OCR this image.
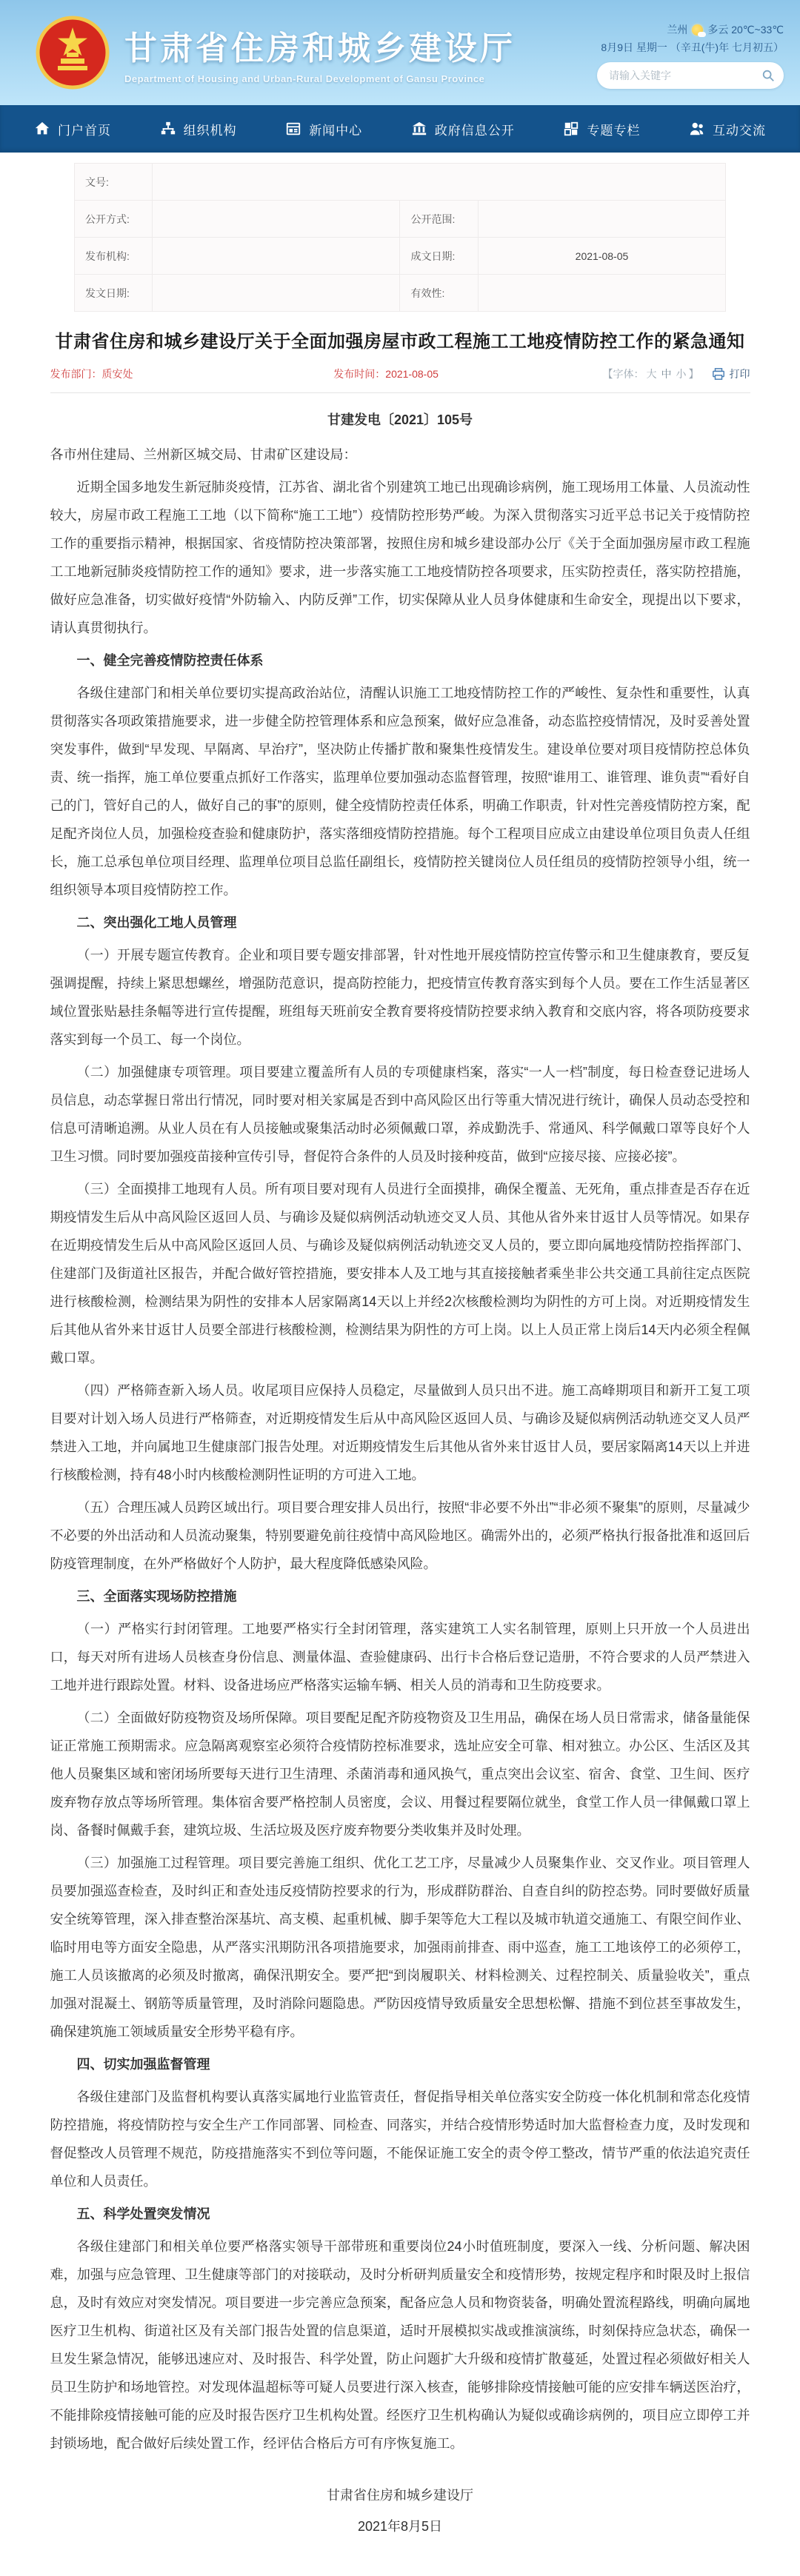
甘肃省住房和城乡建设厅
Department of Housing and Urban-Rural Development of Gansu Province
兰州 多云 20℃~33℃
8月9日 星期一 （辛丑(牛)年 七月初五）
请输入关键字
门户首页	组织机构	新闻中心	政府信息公开	专题专栏	互动交流
文号:			
公开方式:		公开范围:	
发布机构:		成文日期:	2021-08-05
发文日期:		有效性:	
甘肃省住房和城乡建设厅关于全面加强房屋市政工程施工工地疫情防控工作的紧急通知
发布部门：质安处	发布时间：2021-08-05	【字体： 大 中 小 】	打印
甘建发电〔2021〕105号

各市州住建局、兰州新区城交局、甘肃矿区建设局：

近期全国多地发生新冠肺炎疫情，江苏省、湖北省个别建筑工地已出现确诊病例，施工现场用工体量、人员流动性较大，房屋市政工程施工工地（以下简称“施工工地”）疫情防控形势严峻。为深入贯彻落实习近平总书记关于疫情防控工作的重要指示精神，根据国家、省疫情防控决策部署，按照住房和城乡建设部办公厅《关于全面加强房屋市政工程施工工地新冠肺炎疫情防控工作的通知》要求，进一步落实施工工地疫情防控各项要求，压实防控责任，落实防控措施，做好应急准备，切实做好疫情“外防输入、内防反弹”工作，切实保障从业人员身体健康和生命安全，现提出以下要求，请认真贯彻执行。

一、健全完善疫情防控责任体系

各级住建部门和相关单位要切实提高政治站位，清醒认识施工工地疫情防控工作的严峻性、复杂性和重要性，认真贯彻落实各项政策措施要求，进一步健全防控管理体系和应急预案，做好应急准备，动态监控疫情情况，及时妥善处置突发事件，做到“早发现、早隔离、早治疗”，坚决防止传播扩散和聚集性疫情发生。建设单位要对项目疫情防控总体负责、统一指挥，施工单位要重点抓好工作落实，监理单位要加强动态监督管理，按照“谁用工、谁管理、谁负责”“看好自己的门，管好自己的人，做好自己的事”的原则，健全疫情防控责任体系，明确工作职责，针对性完善疫情防控方案，配足配齐岗位人员，加强检疫查验和健康防护，落实落细疫情防控措施。每个工程项目应成立由建设单位项目负责人任组长，施工总承包单位项目经理、监理单位项目总监任副组长，疫情防控关键岗位人员任组员的疫情防控领导小组，统一组织领导本项目疫情防控工作。

二、突出强化工地人员管理

（一）开展专题宣传教育。企业和项目要专题安排部署，针对性地开展疫情防控宣传警示和卫生健康教育，要反复强调提醒，持续上紧思想螺丝，增强防范意识，提高防控能力，把疫情宣传教育落实到每个人员。要在工作生活显著区域位置张贴悬挂条幅等进行宣传提醒，班组每天班前安全教育要将疫情防控要求纳入教育和交底内容，将各项防疫要求落实到每一个员工、每一个岗位。

（二）加强健康专项管理。项目要建立覆盖所有人员的专项健康档案，落实“一人一档”制度，每日检查登记进场人员信息，动态掌握日常出行情况，同时要对相关家属是否到中高风险区出行等重大情况进行统计，确保人员动态受控和信息可清晰追溯。从业人员在有人员接触或聚集活动时必须佩戴口罩，养成勤洗手、常通风、科学佩戴口罩等良好个人卫生习惯。同时要加强疫苗接种宣传引导，督促符合条件的人员及时接种疫苗，做到“应接尽接、应接必接”。

（三）全面摸排工地现有人员。所有项目要对现有人员进行全面摸排，确保全覆盖、无死角，重点排查是否存在近期疫情发生后从中高风险区返回人员、与确诊及疑似病例活动轨迹交叉人员、其他从省外来甘返甘人员等情况。如果存在近期疫情发生后从中高风险区返回人员、与确诊及疑似病例活动轨迹交叉人员的，要立即向属地疫情防控指挥部门、住建部门及街道社区报告，并配合做好管控措施，要安排本人及工地与其直接接触者乘坐非公共交通工具前往定点医院进行核酸检测，检测结果为阴性的安排本人居家隔离14天以上并经2次核酸检测均为阴性的方可上岗。对近期疫情发生后其他从省外来甘返甘人员要全部进行核酸检测，检测结果为阴性的方可上岗。以上人员正常上岗后14天内必须全程佩戴口罩。

（四）严格筛查新入场人员。收尾项目应保持人员稳定，尽量做到人员只出不进。施工高峰期项目和新开工复工项目要对计划入场人员进行严格筛查，对近期疫情发生后从中高风险区返回人员、与确诊及疑似病例活动轨迹交叉人员严禁进入工地，并向属地卫生健康部门报告处理。对近期疫情发生后其他从省外来甘返甘人员，要居家隔离14天以上并进行核酸检测，持有48小时内核酸检测阴性证明的方可进入工地。

（五）合理压减人员跨区域出行。项目要合理安排人员出行，按照“非必要不外出”“非必须不聚集”的原则，尽量减少不必要的外出活动和人员流动聚集，特别要避免前往疫情中高风险地区。确需外出的，必须严格执行报备批准和返回后防疫管理制度，在外严格做好个人防护，最大程度降低感染风险。

三、全面落实现场防控措施

（一）严格实行封闭管理。工地要严格实行全封闭管理，落实建筑工人实名制管理，原则上只开放一个人员进出口，每天对所有进场人员核查身份信息、测量体温、查验健康码、出行卡合格后登记造册，不符合要求的人员严禁进入工地并进行跟踪处置。材料、设备进场应严格落实运输车辆、相关人员的消毒和卫生防疫要求。

（二）全面做好防疫物资及场所保障。项目要配足配齐防疫物资及卫生用品，确保在场人员日常需求，储备量能保证正常施工预期需求。应急隔离观察室必须符合疫情防控标准要求，选址应安全可靠、相对独立。办公区、生活区及其他人员聚集区域和密闭场所要每天进行卫生清理、杀菌消毒和通风换气，重点突出会议室、宿舍、食堂、卫生间、医疗废弃物存放点等场所管理。集体宿舍要严格控制人员密度，会议、用餐过程要隔位就坐，食堂工作人员一律佩戴口罩上岗、备餐时佩戴手套，建筑垃圾、生活垃圾及医疗废弃物要分类收集并及时处理。

（三）加强施工过程管理。项目要完善施工组织、优化工艺工序，尽量减少人员聚集作业、交叉作业。项目管理人员要加强巡查检查，及时纠正和查处违反疫情防控要求的行为，形成群防群治、自查自纠的防控态势。同时要做好质量安全统筹管理，深入排查整治深基坑、高支模、起重机械、脚手架等危大工程以及城市轨道交通施工、有限空间作业、临时用电等方面安全隐患，从严落实汛期防汛各项措施要求，加强雨前排查、雨中巡查，施工工地该停工的必须停工，施工人员该撤离的必须及时撤离，确保汛期安全。要严把“到岗履职关、材料检测关、过程控制关、质量验收关”，重点加强对混凝土、钢筋等质量管理，及时消除问题隐患。严防因疫情导致质量安全思想松懈、措施不到位甚至事故发生，确保建筑施工领域质量安全形势平稳有序。

四、切实加强监督管理

各级住建部门及监督机构要认真落实属地行业监管责任，督促指导相关单位落实安全防疫一体化机制和常态化疫情防控措施，将疫情防控与安全生产工作同部署、同检查、同落实，并结合疫情形势适时加大监督检查力度，及时发现和督促整改人员管理不规范，防疫措施落实不到位等问题，不能保证施工安全的责令停工整改，情节严重的依法追究责任单位和人员责任。

五、科学处置突发情况

各级住建部门和相关单位要严格落实领导干部带班和重要岗位24小时值班制度，要深入一线、分析问题、解决困难，加强与应急管理、卫生健康等部门的对接联动，及时分析研判质量安全和疫情形势，按规定程序和时限及时上报信息，及时有效应对突发情况。项目要进一步完善应急预案，配备应急人员和物资装备，明确处置流程路线，明确向属地医疗卫生机构、街道社区及有关部门报告处置的信息渠道，适时开展模拟实战或推演演练，时刻保持应急状态，确保一旦发生紧急情况，能够迅速应对、及时报告、科学处置，防止问题扩大升级和疫情扩散蔓延，处置过程必须做好相关人员卫生防护和场地管控。对发现体温超标等可疑人员要进行深入核查，能够排除疫情接触可能的应安排车辆送医治疗，不能排除疫情接触可能的应及时报告医疗卫生机构处置。经医疗卫生机构确认为疑似或确诊病例的，项目应立即停工并封锁场地，配合做好后续处置工作，经评估合格后方可有序恢复施工。

甘肃省住房和城乡建设厅
2021年8月5日
